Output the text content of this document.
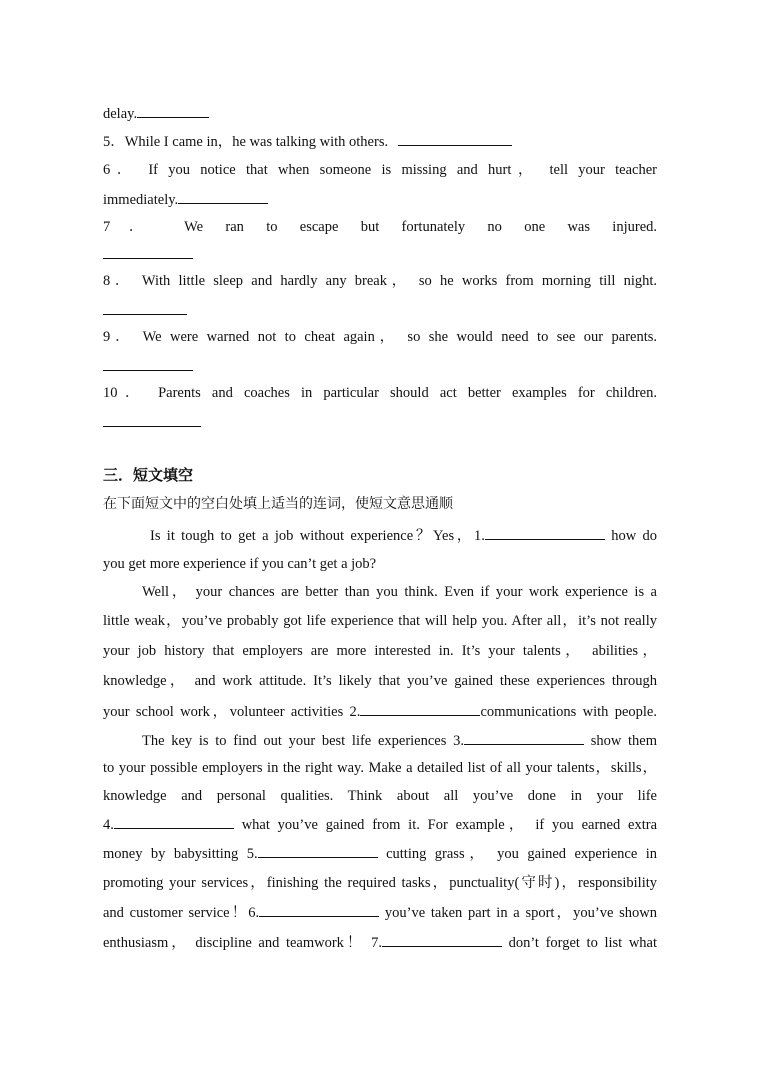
delay.
5．While I came in，he was talking with others.
6． If you notice that when someone is missing and hurt， tell your teacher
immediately.
7． We ran to escape but fortunately no one was injured.
8． With little sleep and hardly any break， so he works from morning till night.
9． We were warned not to cheat again， so she would need to see our parents.
10． Parents and coaches in particular should act better examples for children.
三．短文填空
在下面短文中的空白处填上适当的连词，使短文意思通顺
Is it tough to get a job without experience？Yes，1.	how do
you get more experience if you can’t get a job?
Well， your chances are better than you think. Even if your work experience is a
little weak，you’ve probably got life experience that will help you. After all，it’s not really
your job history that employers are more interested in. It’s your talents， abilities，
knowledge， and work attitude. It’s likely that you’ve gained these experiences through
your school work，volunteer activities 2.	communications with people.
The key is to find out your best life experiences 3.	show them
to your possible employers in the right way. Make a detailed list of all your talents，skills，
knowledge and personal qualities. Think about all you’ve done in your life
4.	what you’ve gained from it. For example， if you earned extra
money by babysitting 5.	cutting grass， you gained experience in
promoting your services，finishing the required tasks，punctuality(守时)，responsibility
and customer service！6.	you’ve taken part in a sport，you’ve shown
enthusiasm， discipline and teamwork！ 7.	don’t forget to list what
